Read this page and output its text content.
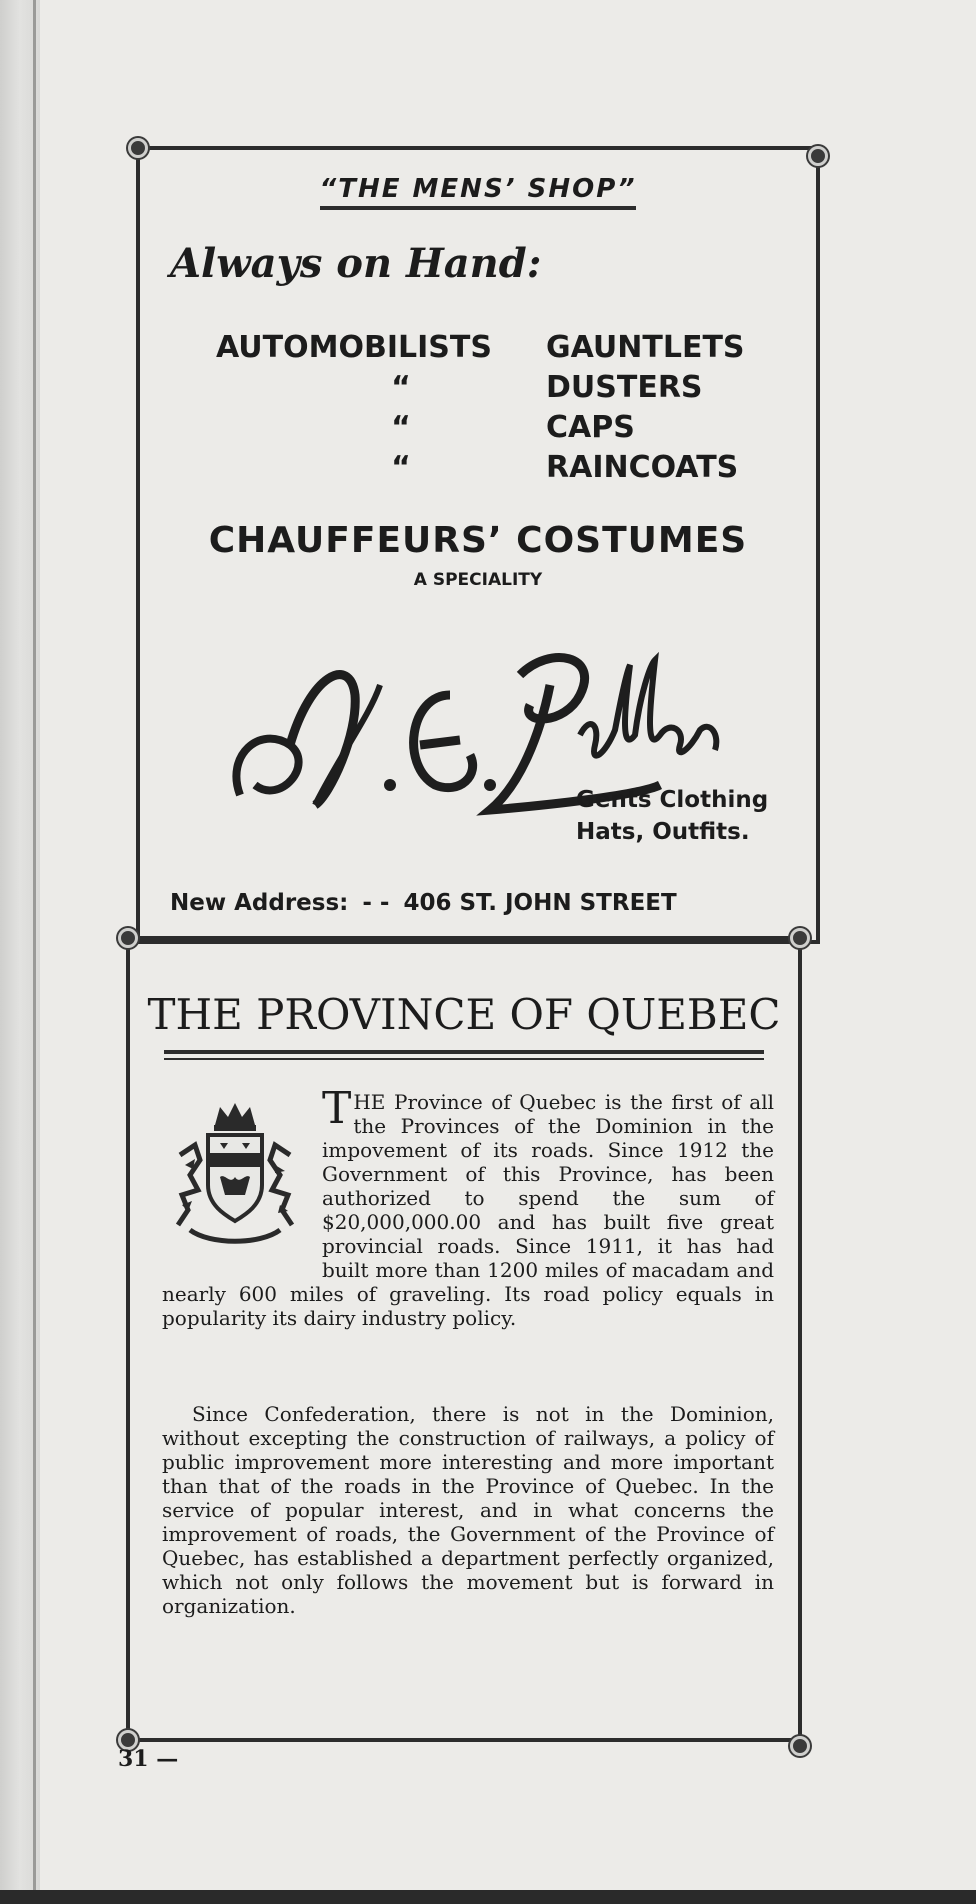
“THE MENS’ SHOP”
Always on Hand:
AUTOMOBILISTS	GAUNTLETS
“	DUSTERS
“	CAPS
“	RAINCOATS
CHAUFFEURS’ COSTUMES
A SPECIALITY
Gents Clothing
Hats, Outfits.
New Address: - - 406 ST. JOHN STREET
THE PROVINCE OF QUEBEC
THE Province of Quebec is the first of all the Provinces of the Dominion in the impovement of its roads. Since 1912 the Government of this Province, has been authorized to spend the sum of $20,000,000.00 and has built five great provincial roads. Since 1911, it has had built more than 1200 miles of macadam and nearly 600 miles of graveling. Its road policy equals in popularity its dairy industry policy.
Since Confederation, there is not in the Dominion, without excepting the construction of railways, a policy of public improvement more interesting and more important than that of the roads in the Province of Quebec. In the service of popular interest, and in what concerns the improvement of roads, the Government of the Province of Quebec, has established a department perfectly organized, which not only follows the movement but is forward in organization.
31 —
